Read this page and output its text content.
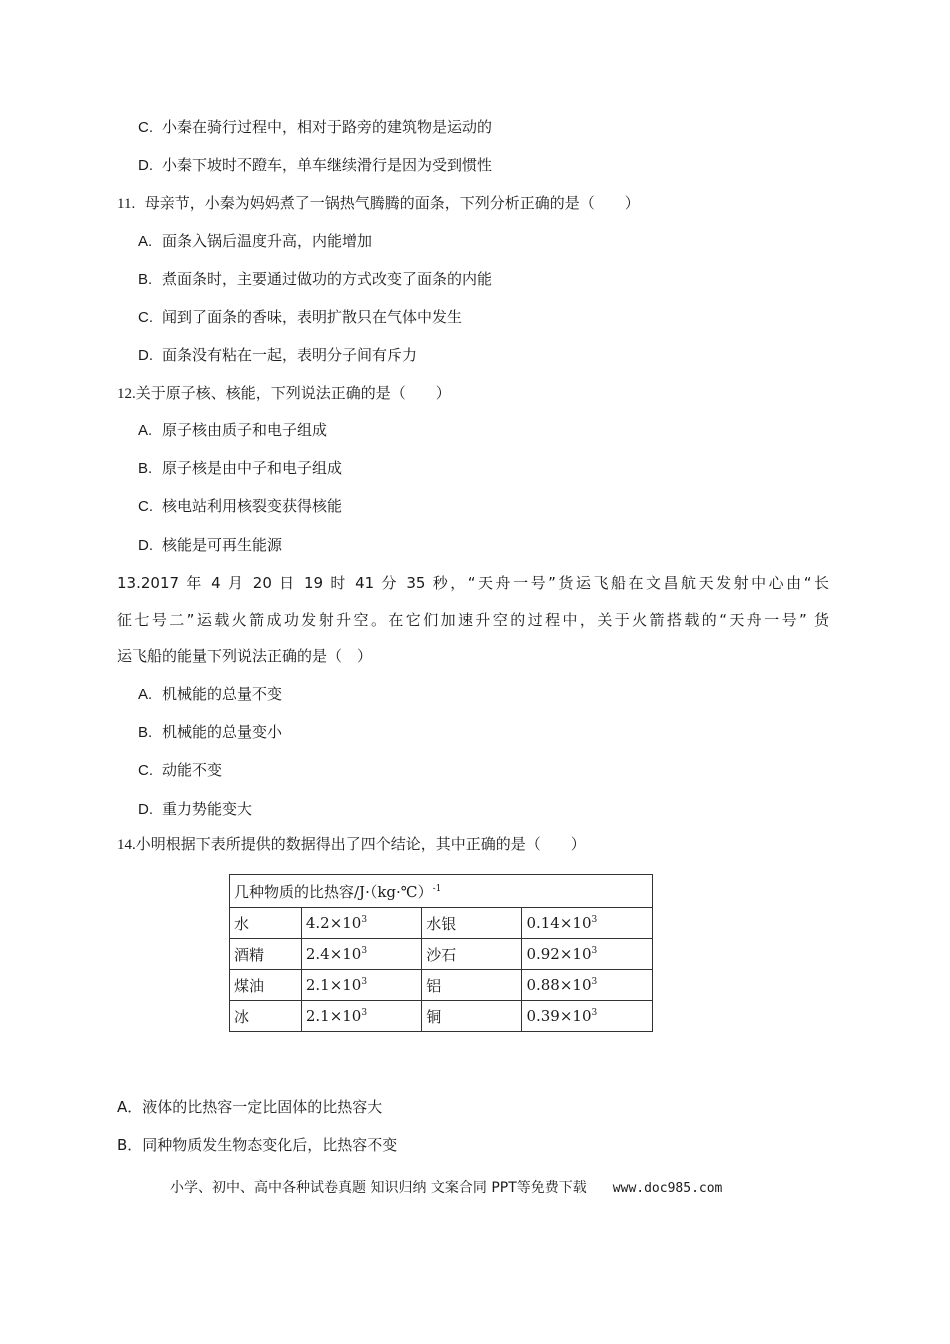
C. 小秦在骑行过程中，相对于路旁的建筑物是运动的
D. 小秦下坡时不蹬车，单车继续滑行是因为受到惯性
11. 母亲节，小秦为妈妈煮了一锅热气腾腾的面条，下列分析正确的是（　　）
A. 面条入锅后温度升高，内能增加
B. 煮面条时，主要通过做功的方式改变了面条的内能
C. 闻到了面条的香味，表明扩散只在气体中发生
D. 面条没有粘在一起，表明分子间有斥力
12.关于原子核、核能，下列说法正确的是（　　）
A. 原子核由质子和电子组成
B. 原子核是由中子和电子组成
C. 核电站利用核裂变获得核能
D. 核能是可再生能源
13.2017 年 4 月 20 日 19 时 41 分 35 秒，“天舟一号”货运飞船在文昌航天发射中心由“长
征七号二”运载火箭成功发射升空。在它们加速升空的过程中，关于火箭搭载的“天舟一号” 货
运飞船的能量下列说法正确的是（　）
A. 机械能的总量不变
B. 机械能的总量变小
C. 动能不变
D. 重力势能变大
14.小明根据下表所提供的数据得出了四个结论，其中正确的是（　　）
几种物质的比热容/J·（kg·℃）$^{-1}$
水	$4.2\times 10^3$	水银	$0.14\times 10^3$
酒精	$2.4\times 10^3$	沙石	$0.92\times 10^3$
煤油	$2.1\times 10^3$	铝	$0.88\times 10^3$
冰	$2.1\times 10^3$	铜	$0.39\times 10^3$
A．液体的比热容一定比固体的比热容大
B．同种物质发生物态变化后，比热容不变
小学、初中、高中各种试卷真题 知识归纳 文案合同 PPT等免费下载 www.doc985.com
